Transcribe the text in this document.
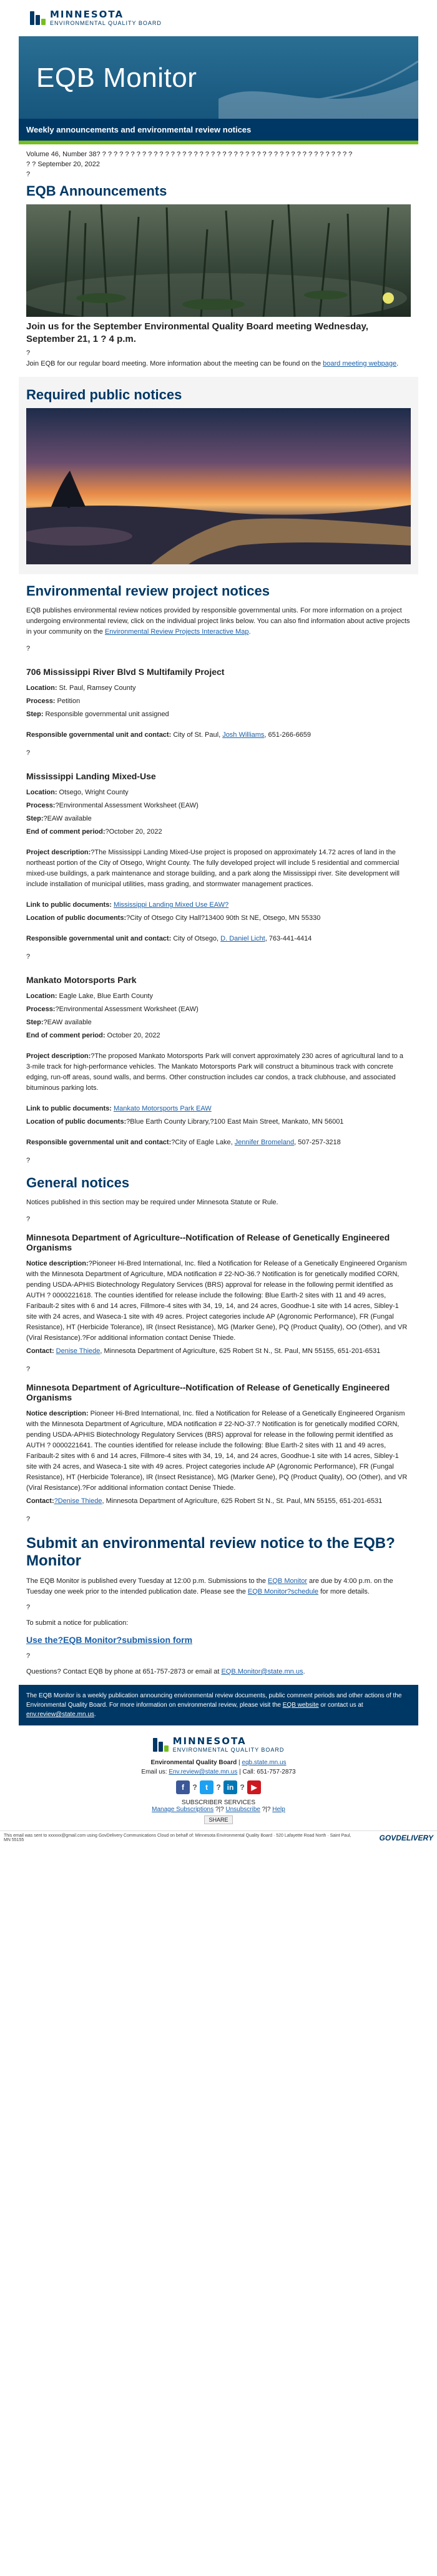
MINNESOTA
ENVIRONMENTAL QUALITY BOARD
EQB Monitor
Weekly announcements and environmental review notices
Volume 46, Number 38? ? ? ? ? ? ? ? ? ? ? ? ? ? ? ? ? ? ? ? ? ? ? ? ? ? ? ? ? ? ? ? ? ? ? ? ? ? ? ? ? ? ? ? ?
? ? September 20, 2022
?
EQB Announcements
Join us for the September Environmental Quality Board meeting Wednesday, September 21, 1 ? 4 p.m.
?
Join EQB for our regular board meeting. More information about the meeting can be found on the board meeting webpage.
Required public notices
Environmental review project notices
EQB publishes environmental review notices provided by responsible governmental units. For more information on a project undergoing environmental review, click on the individual project links below. You can also find information about active projects in your community on the Environmental Review Projects Interactive Map.
?
706 Mississippi River Blvd S Multifamily Project
Location: St. Paul, Ramsey County
Process: Petition
Step: Responsible governmental unit assigned
Responsible governmental unit and contact: City of St. Paul, Josh Williams, 651-266-6659
?
Mississippi Landing Mixed-Use
Location: Otsego, Wright County
Process:?Environmental Assessment Worksheet (EAW)
Step:?EAW available
End of comment period:?October 20, 2022
Project description:?The Mississippi Landing Mixed-Use project is proposed on approximately 14.72 acres of land in the northeast portion of the City of Otsego, Wright County. The fully developed project will include 5 residential and commercial mixed-use buildings, a park maintenance and storage building, and a park along the Mississippi river. Site development will include installation of municipal utilities, mass grading, and stormwater management practices.
Link to public documents: Mississippi Landing Mixed Use EAW?
Location of public documents:?City of Otsego City Hall?13400 90th St NE, Otsego, MN 55330
Responsible governmental unit and contact: City of Otsego, D. Daniel Licht, 763-441-4414
?
Mankato Motorsports Park
Location: Eagle Lake, Blue Earth County
Process:?Environmental Assessment Worksheet (EAW)
Step:?EAW available
End of comment period: October 20, 2022
Project description:?The proposed Mankato Motorsports Park will convert approximately 230 acres of agricultural land to a 3-mile track for high-performance vehicles. The Mankato Motorsports Park will construct a bituminous track with concrete edging, run-off areas, sound walls, and berms. Other construction includes car condos, a track clubhouse, and associated bituminous parking lots.
Link to public documents: Mankato Motorsports Park EAW
Location of public documents:?Blue Earth County Library,?100 East Main Street, Mankato, MN 56001
Responsible governmental unit and contact:?City of Eagle Lake, Jennifer Bromeland, 507-257-3218
?
General notices
Notices published in this section may be required under Minnesota Statute or Rule.
?
Minnesota Department of Agriculture--Notification of Release of Genetically Engineered Organisms
Notice description:?Pioneer Hi-Bred International, Inc. filed a Notification for Release of a Genetically Engineered Organism with the Minnesota Department of Agriculture, MDA notification # 22-NO-36.? Notification is for genetically modified CORN, pending USDA-APHIS Biotechnology Regulatory Services (BRS) approval for release in the following permit identified as AUTH ? 0000221618. The counties identified for release include the following: Blue Earth-2 sites with 11 and 49 acres, Faribault-2 sites with 6 and 14 acres, Fillmore-4 sites with 34, 19, 14, and 24 acres, Goodhue-1 site with 14 acres, Sibley-1 site with 24 acres, and Waseca-1 site with 49 acres. Project categories include AP (Agronomic Performance), FR (Fungal Resistance), HT (Herbicide Tolerance), IR (Insect Resistance), MG (Marker Gene), PQ (Product Quality), OO (Other), and VR (Viral Resistance).?For additional information contact Denise Thiede.
Contact: Denise Thiede, Minnesota Department of Agriculture, 625 Robert St N., St. Paul, MN 55155, 651-201-6531
?
Minnesota Department of Agriculture--Notification of Release of Genetically Engineered Organisms
Notice description: Pioneer Hi-Bred International, Inc. filed a Notification for Release of a Genetically Engineered Organism with the Minnesota Department of Agriculture, MDA notification # 22-NO-37.? Notification is for genetically modified CORN, pending USDA-APHIS Biotechnology Regulatory Services (BRS) approval for release in the following permit identified as AUTH ? 0000221641. The counties identified for release include the following: Blue Earth-2 sites with 11 and 49 acres, Faribault-2 sites with 6 and 14 acres, Fillmore-4 sites with 34, 19, 14, and 24 acres, Goodhue-1 site with 14 acres, Sibley-1 site with 24 acres, and Waseca-1 site with 49 acres. Project categories include AP (Agronomic Performance), FR (Fungal Resistance), HT (Herbicide Tolerance), IR (Insect Resistance), MG (Marker Gene), PQ (Product Quality), OO (Other), and VR (Viral Resistance).?For additional information contact Denise Thiede.
Contact:?Denise Thiede, Minnesota Department of Agriculture, 625 Robert St N., St. Paul, MN 55155, 651-201-6531
?
Submit an environmental review notice to the EQB?Monitor
The EQB Monitor is published every Tuesday at 12:00 p.m. Submissions to the EQB Monitor are due by 4:00 p.m. on the Tuesday one week prior to the intended publication date. Please see the EQB Monitor?schedule for more details.
?
To submit a notice for publication:
Use the?EQB Monitor?submission form
?
Questions? Contact EQB by phone at 651-757-2873 or email at EQB.Monitor@state.mn.us.
The EQB Monitor is a weekly publication announcing environmental review documents, public comment periods and other actions of the Environmental Quality Board. For more information on environmental review, please visit the EQB website or contact us at env.review@state.mn.us.
MINNESOTA
ENVIRONMENTAL QUALITY BOARD
Environmental Quality Board | eqb.state.mn.us
Email us: Env.review@state.mn.us | Call: 651-757-2873
f	?	t	? in ? ▶
SUBSCRIBER SERVICES
Manage Subscriptions ?|? Unsubscribe ?|? Help
SHARE
This email was sent to xxxxxx@gmail.com using GovDelivery Communications Cloud on behalf of: Minnesota Environmental Quality Board · 520 Lafayette Road North · Saint Paul, MN 55155	GOVDELIVERY
